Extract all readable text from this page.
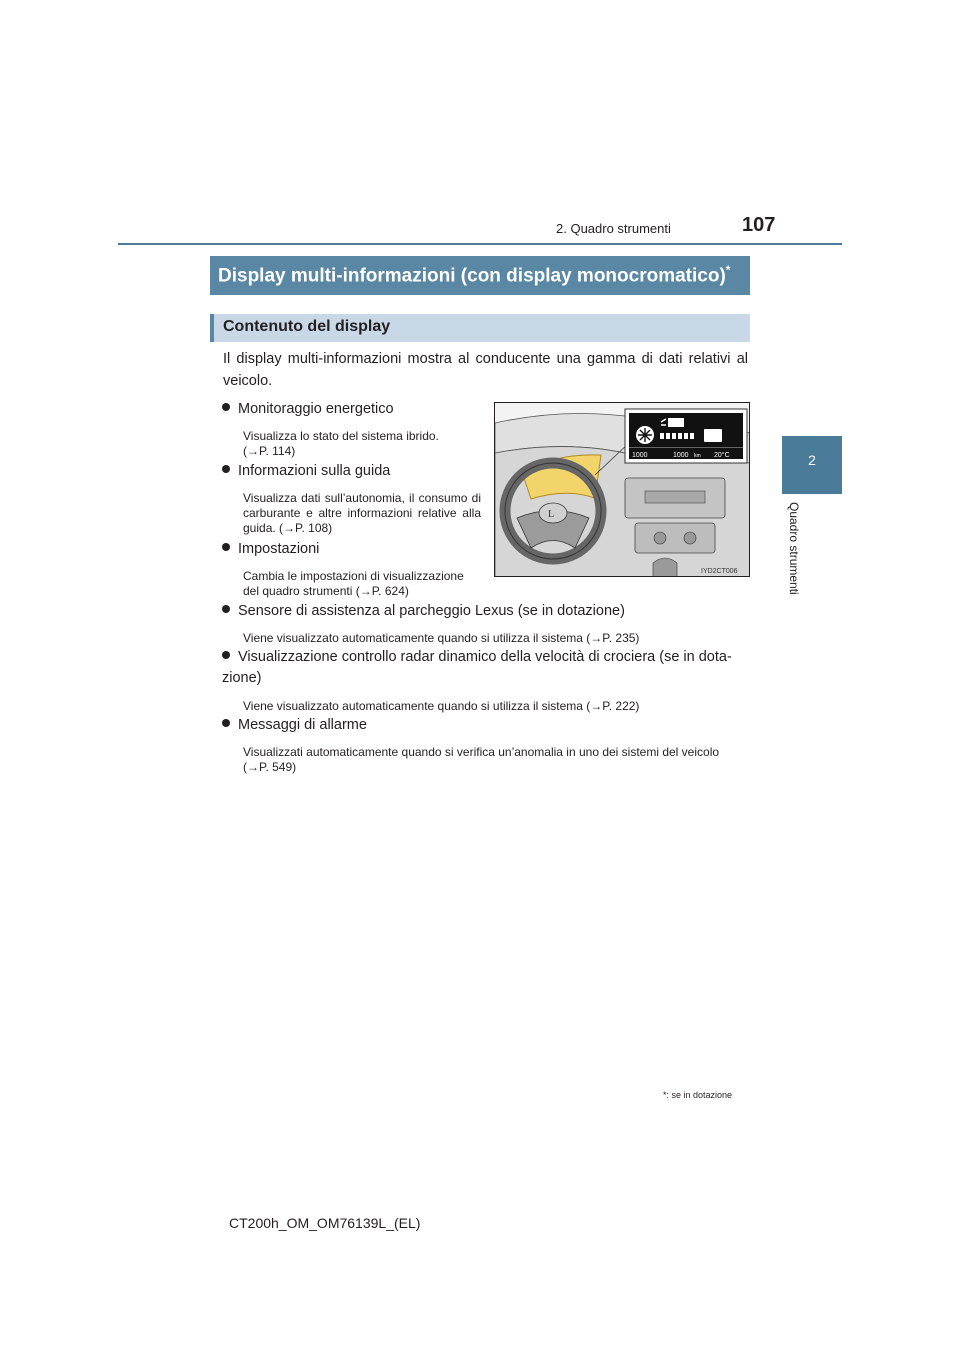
2. Quadro strumenti	107
2
Quadro strumenti
Display multi-informazioni (con display monocromatico)*
Contenuto del display
Il display multi-informazioni mostra al conducente una gamma di dati relativi al veicolo.
Monitoraggio energetico
Visualizza lo stato del sistema ibrido. (→P. 114)
Informazioni sulla guida
Visualizza dati sull’autonomia, il consumo di carburante e altre informazioni relative alla guida. (→P. 108)
Impostazioni
Cambia le impostazioni di visualizzazione del quadro strumenti (→P. 624)
Sensore di assistenza al parcheggio Lexus (se in dotazione)
Viene visualizzato automaticamente quando si utilizza il sistema (→P. 235)
Visualizzazione controllo radar dinamico della velocità di crociera (se in dota-zione)
Viene visualizzato automaticamente quando si utilizza il sistema (→P. 222)
Messaggi di allarme
Visualizzati automaticamente quando si verifica un’anomalia in uno dei sistemi del veicolo (→P. 549)
L
1000	1000 km 20°C
IYD2CT006
*: se in dotazione
CT200h_OM_OM76139L_(EL)
